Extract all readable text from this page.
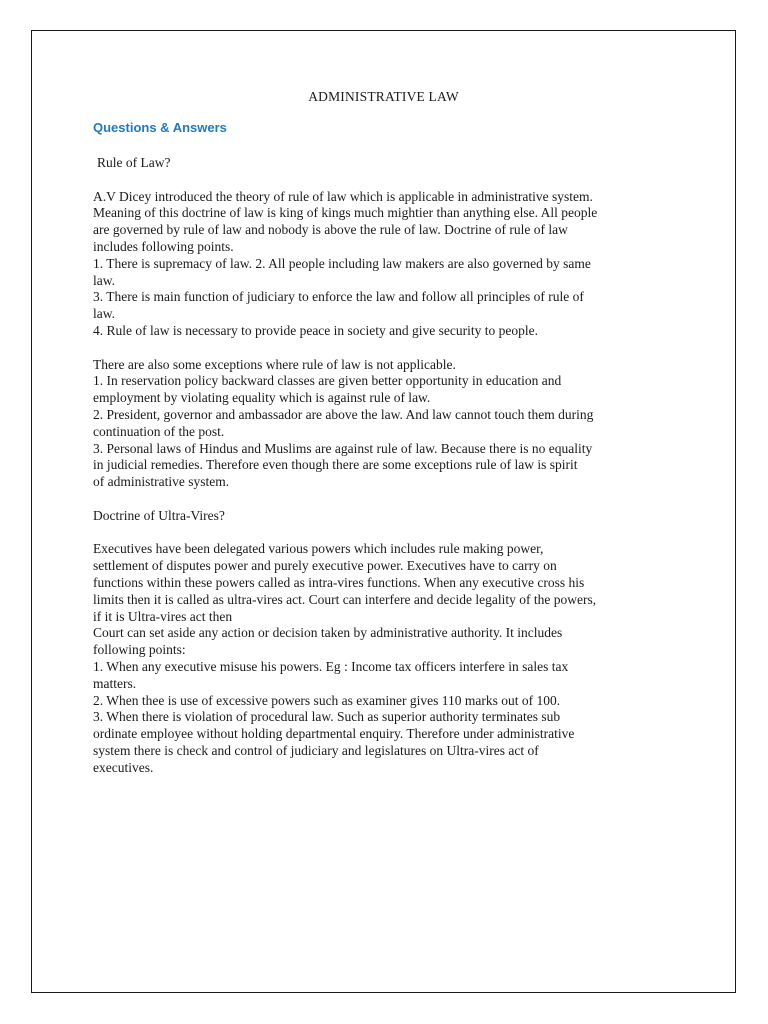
ADMINISTRATIVE LAW
Questions & Answers
Rule of Law?
A.V Dicey introduced the theory of rule of law which is applicable in administrative system.
Meaning of this doctrine of law is king of kings much mightier than anything else. All people
are governed by rule of law and nobody is above the rule of law. Doctrine of rule of law
includes following points.
1. There is supremacy of law. 2. All people including law makers are also governed by same
law.
3. There is main function of judiciary to enforce the law and follow all principles of rule of
law.
4. Rule of law is necessary to provide peace in society and give security to people.
There are also some exceptions where rule of law is not applicable.
1. In reservation policy backward classes are given better opportunity in education and
employment by violating equality which is against rule of law.
2. President, governor and ambassador are above the law. And law cannot touch them during
continuation of the post.
3. Personal laws of Hindus and Muslims are against rule of law. Because there is no equality
in judicial remedies. Therefore even though there are some exceptions rule of law is spirit
of administrative system.
Doctrine of Ultra-Vires?
Executives have been delegated various powers which includes rule making power,
settlement of disputes power and purely executive power. Executives have to carry on
functions within these powers called as intra-vires functions. When any executive cross his
limits then it is called as ultra-vires act. Court can interfere and decide legality of the powers,
if it is Ultra-vires act then
Court can set aside any action or decision taken by administrative authority. It includes
following points:
1. When any executive misuse his powers. Eg : Income tax officers interfere in sales tax
matters.
2. When thee is use of excessive powers such as examiner gives 110 marks out of 100.
3. When there is violation of procedural law. Such as superior authority terminates sub
ordinate employee without holding departmental enquiry. Therefore under administrative
system there is check and control of judiciary and legislatures on Ultra-vires act of
executives.
